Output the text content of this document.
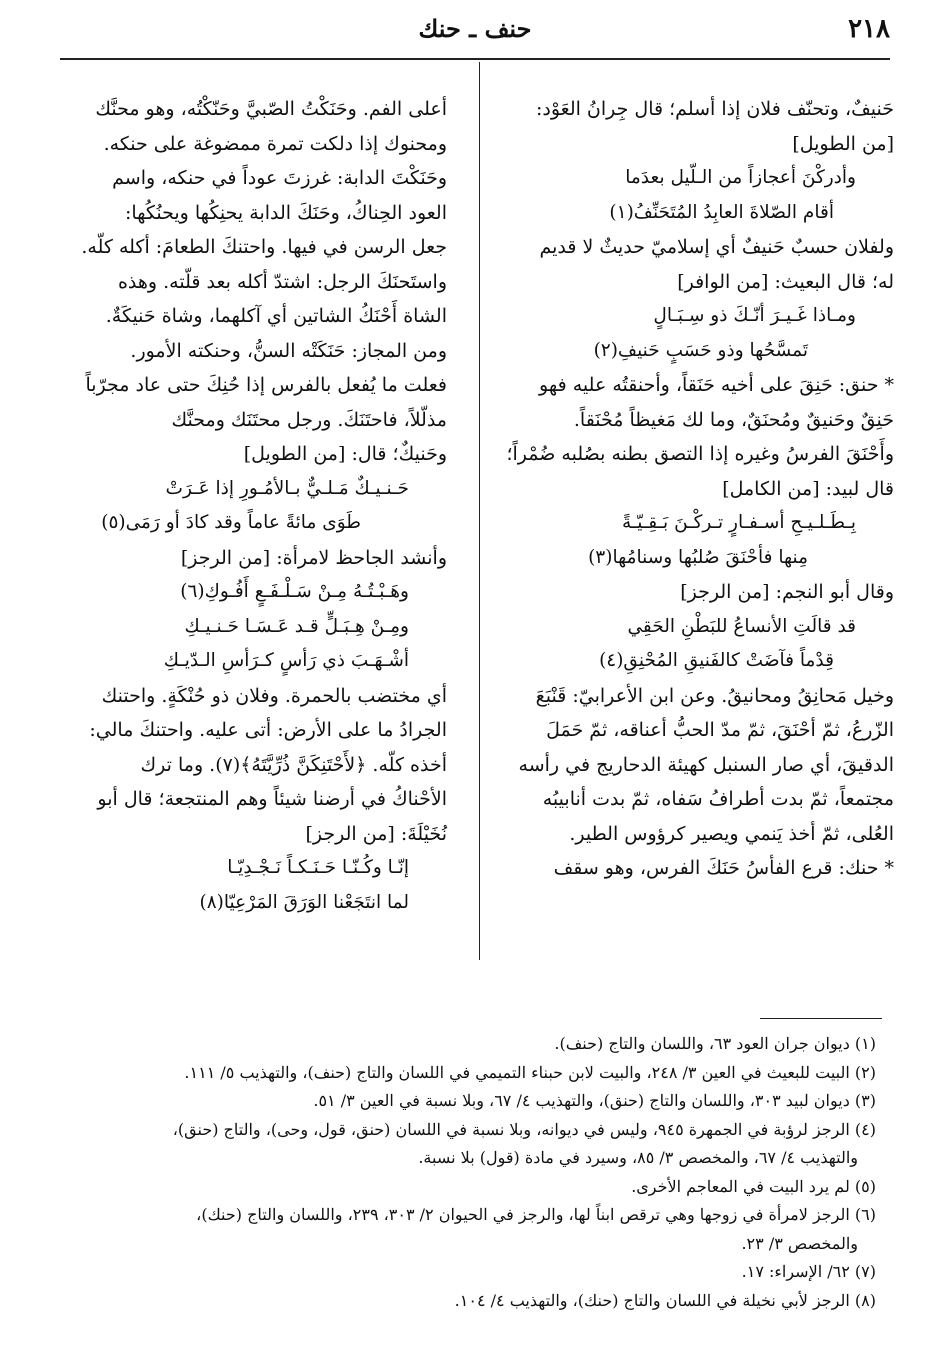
٢١٨
حنف ـ حنك
حَنيفٌ، وتحنّف فلان إذا أسلم؛ قال جِرانُ العَوْد:
[من الطويل]
وأدركْنَ أعجازاً من الـلّيل بعدَما
أقام الصّلاةَ العابِدُ المُتَحَنِّفُ(١)
ولفلان حسبٌ حَنيفٌ أي إسلاميّ حديثٌ لا قديم
له؛ قال البعيث: [من الوافر]
ومـاذا غَـيـرَ أنّـكَ ذو سِـبَـالٍ
تَمسَّحُها وذو حَسَبٍ حَنيفِ(٢)
* حنق: حَنِقَ على أخيه حَنَقاً، وأحنقتُه عليه فهو
حَنِقٌ وحَنيقٌ ومُحنَقٌ، وما لك مَغيظاً مُحْنَقاً.
وأَحْنَقَ الفرسُ وغيره إذا التصق بطنه بصُلبه ضُمْراً؛
قال لبيد: [من الكامل]
بِـطَـلـيـحِ أسـفـارٍ تـركْـنَ بَـقِـيّـةً
مِنها فأحْنَقَ صُلبُها وسنامُها(٣)
وقال أبو النجم: [من الرجز]
قد قالَتِ الأنساعُ للبَطْنِ الحَقِي
قِدْماً فآضَتْ كالفَنيقِ المُحْنِقِ(٤)
وخيل مَحانِقُ ومحانيقُ. وعن ابن الأعرابيّ: قَنْبَعَ
الزّرعُ، ثمّ أحْنَقَ، ثمّ مدّ الحبُّ أعناقه، ثمّ حَمَلَ
الدقيقَ، أي صار السنبل كهيئة الدحاريج في رأسه
مجتمعاً، ثمّ بدت أطرافُ سَفاه، ثمّ بدت أنابيبُه
العُلى، ثمّ أخذ يَنمي ويصير كرؤوس الطير.
* حنك: قرع الفأسُ حَنَكَ الفرس، وهو سقف
أعلى الفم. وحَنَكْتُ الصّبيَّ وحَنّكْتُه، وهو محنَّك
ومحنوك إذا دلكت تمرة ممضوغة على حنكه.
وحَنَكْتَ الدابة: غرزتَ عوداً في حنكه، واسم
العود الحِناكُ، وحَنَكَ الدابة يحنِكُها ويحنُكُها:
جعل الرسن في فيها. واحتنكَ الطعامَ: أكله كلّه.
واستَحنَكَ الرجل: اشتدّ أكله بعد قلّته. وهذه
الشاة أَحْنَكُ الشاتين أي آكلهما، وشاة حَنيكَةٌ.
ومن المجاز: حَنَكَتْه السنُّ، وحنكته الأمور.
فعلت ما يُفعل بالفرس إذا حُنِكَ حتى عاد مجرّباً
مذلّلاً، فاحتَنَكَ. ورجل محتَنَك ومحنَّك
وحَنيكٌ؛ قال: [من الطويل]
حَـنـيـكٌ مَـلـيٌّ بـالأمُـورِ إذا عَـرَتْ
طَوَى مائةً عاماً وقد كادَ أو رَمَى(٥)
وأنشد الجاحظ لامرأة: [من الرجز]
وهَـبْـتُـهُ مِـنْ سَـلْـفَـعٍ أَفُـوكِ(٦)
ومِـنْ هِـبَـلٍّ قـد عَـسَـا حَـنـيـكِ
أشْـهَـبَ ذي رَأسٍ كـرَأسِ الـدّيـكِ
أي مختضب بالحمرة. وفلان ذو حُنْكَةٍ. واحتنك
الجرادُ ما على الأرض: أتى عليه. واحتنكَ مالي:
أخذه كلّه. ﴿لأَحْتَنِكَنَّ ذُرِّيَّتَهُ﴾(٧). وما ترك
الأحْناكُ في أرضنا شيئاً وهم المنتجعة؛ قال أبو
نُخَيْلَةَ: [من الرجز]
إنّـا وكُـنّـا حَـنَـكـاً نَـجْـدِيّـا
لما انتَجَعْنا الوَرَقَ المَرْعِيّا(٨)
(١) ديوان جران العود ٦٣، واللسان والتاج (حنف).
(٢) البيت للبعيث في العين ٣/ ٢٤٨، والبيت لابن حبناء التميمي في اللسان والتاج (حنف)، والتهذيب ٥/ ١١١.
(٣) ديوان لبيد ٣٠٣، واللسان والتاج (حنق)، والتهذيب ٤/ ٦٧، وبلا نسبة في العين ٣/ ٥١.
(٤) الرجز لرؤبة في الجمهرة ٩٤٥، وليس في ديوانه، وبلا نسبة في اللسان (حنق، قول، وحى)، والتاج (حنق)،
والتهذيب ٤/ ٦٧، والمخصص ٣/ ٨٥، وسيرد في مادة (قول) بلا نسبة.
(٥) لم يرد البيت في المعاجم الأخرى.
(٦) الرجز لامرأة في زوجها وهي ترقص ابناً لها، والرجز في الحيوان ٢/ ٣٠٣، ٢٣٩، واللسان والتاج (حنك)،
والمخصص ٣/ ٢٣.
(٧) ٦٢/ الإسراء: ١٧.
(٨) الرجز لأبي نخيلة في اللسان والتاج (حنك)، والتهذيب ٤/ ١٠٤.
